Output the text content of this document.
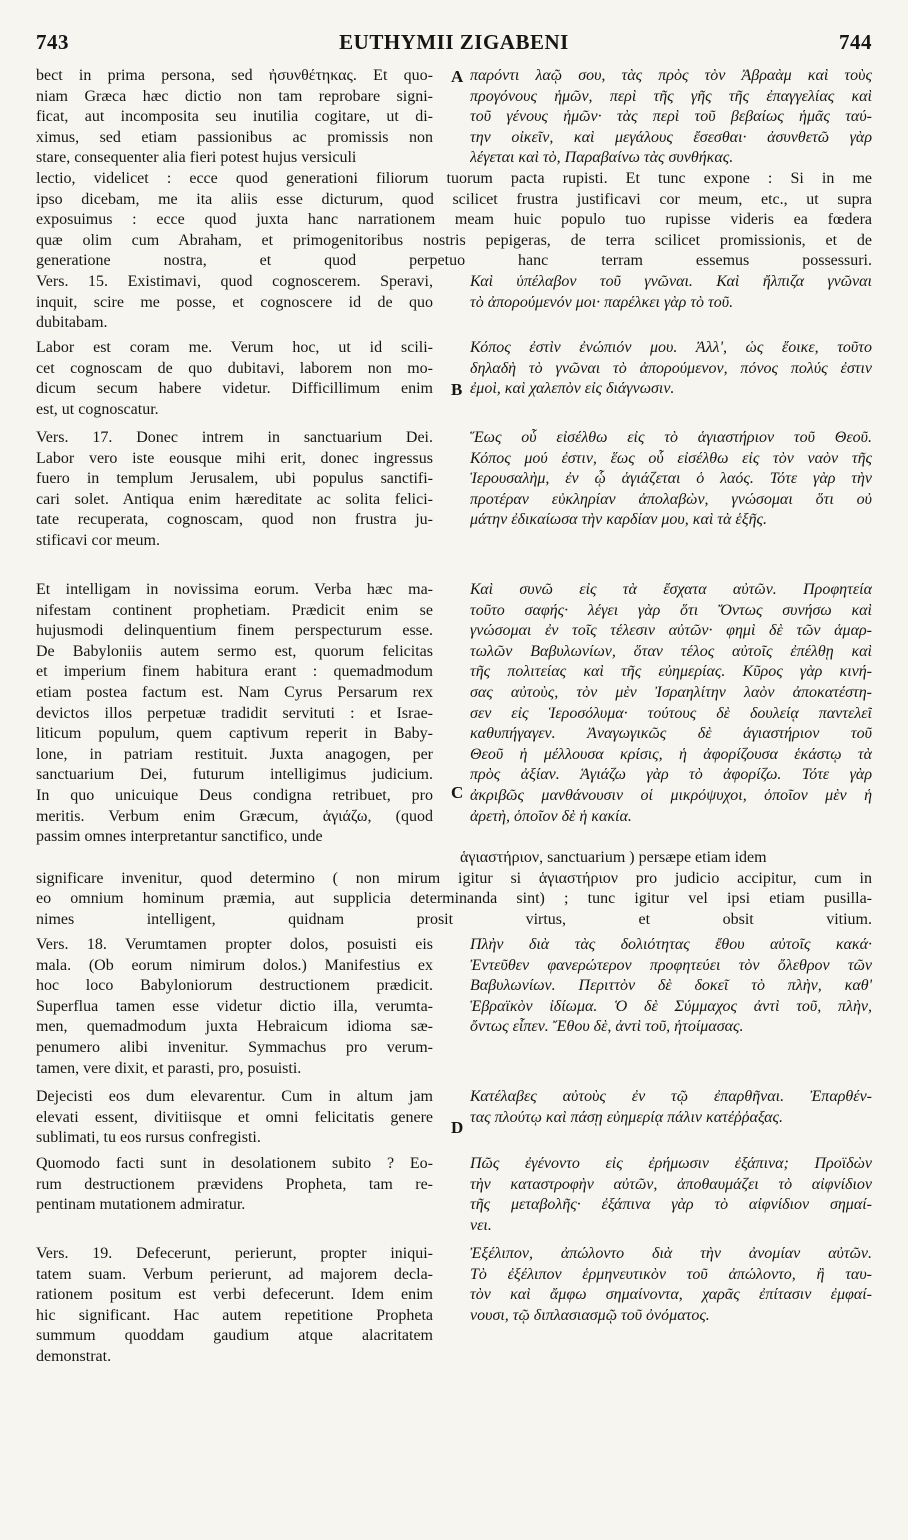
743	EUTHYMII ZIGABENI	744
A
B
C
D
bect in prima persona, sed ἠσυνθέτηκας. Et quo-
niam Græca hæc dictio non tam reprobare signi-
ficat, aut incomposita seu inutilia cogitare, ut di-
ximus, sed etiam passionibus ac promissis non
stare, consequenter alia fieri potest hujus versiculi
παρόντι λαῷ σου, τὰς πρὸς τὸν Ἀβραὰμ καὶ τοὺς
προγόνους ἡμῶν, περὶ τῆς γῆς τῆς ἐπαγγελίας καὶ
τοῦ γένους ἡμῶν· τὰς περὶ τοῦ βεβαίως ἡμᾶς ταύ-
την οἰκεῖν, καὶ μεγάλους ἔσεσθαι· ἀσυνθετῶ γὰρ
λέγεται καὶ τὸ, Παραβαίνω τὰς συνθήκας.
lectio, videlicet : ecce quod generationi filiorum tuorum pacta rupisti. Et tunc expone : Si in me
ipso dicebam, me ita aliis esse dicturum, quod scilicet frustra justificavi cor meum, etc., ut supra
exposuimus : ecce quod juxta hanc narrationem meam huic populo tuo rupisse videris ea fœdera
quæ olim cum Abraham, et primogenitoribus nostris pepigeras, de terra scilicet promissionis, et de
generatione nostra, et quod perpetuo hanc terram essemus possessuri.
Vers. 15. Existimavi, quod cognoscerem. Speravi,
inquit, scire me posse, et cognoscere id de quo
dubitabam.
Καὶ ὑπέλαβον τοῦ γνῶναι. Καὶ ἤλπιζα γνῶναι
τὸ ἀπορούμενόν μοι· παρέλκει γὰρ τὸ τοῦ.
Labor est coram me. Verum hoc, ut id scili-
cet cognoscam de quo dubitavi, laborem non mo-
dicum secum habere videtur. Difficillimum enim
est, ut cognoscatur.
Κόπος ἐστὶν ἐνώπιόν μου. Ἀλλ', ὡς ἔοικε, τοῦτο
δηλαδὴ τὸ γνῶναι τὸ ἀπορούμενον, πόνος πολύς ἐστιν
ἐμοὶ, καὶ χαλεπὸν εἰς διάγνωσιν.
Vers. 17. Donec intrem in sanctuarium Dei.
Labor vero iste eousque mihi erit, donec ingressus
fuero in templum Jerusalem, ubi populus sanctifi-
cari solet. Antiqua enim hæreditate ac solita felici-
tate recuperata, cognoscam, quod non frustra ju-
stificavi cor meum.
Ἕως οὗ εἰσέλθω εἰς τὸ ἁγιαστήριον τοῦ Θεοῦ.
Κόπος μού ἐστιν, ἕως οὗ εἰσέλθω εἰς τὸν ναὸν τῆς
Ἱερουσαλὴμ, ἐν ᾧ ἁγιάζεται ὁ λαός. Τότε γὰρ τὴν
προτέραν εὐκληρίαν ἀπολαβὼν, γνώσομαι ὅτι οὐ
μάτην ἐδικαίωσα τὴν καρδίαν μου, καὶ τὰ ἑξῆς.
Et intelligam in novissima eorum. Verba hæc ma-
nifestam continent prophetiam. Prædicit enim se
hujusmodi delinquentium finem perspecturum esse.
De Babyloniis autem sermo est, quorum felicitas
et imperium finem habitura erant : quemadmodum
etiam postea factum est. Nam Cyrus Persarum rex
devictos illos perpetuæ tradidit servituti : et Israe-
liticum populum, quem captivum reperit in Baby-
lone, in patriam restituit. Juxta anagogen, per
sanctuarium Dei, futurum intelligimus judicium.
In quo unicuique Deus condigna retribuet, pro
meritis. Verbum enim Græcum, ἁγιάζω, (quod
passim omnes interpretantur sanctifico, unde
Καὶ συνῶ εἰς τὰ ἔσχατα αὐτῶν. Προφητεία
τοῦτο σαφής· λέγει γὰρ ὅτι Ὄντως συνήσω καὶ
γνώσομαι ἐν τοῖς τέλεσιν αὐτῶν· φημὶ δὲ τῶν ἁμαρ-
τωλῶν Βαβυλωνίων, ὅταν τέλος αὐτοῖς ἐπέλθῃ καὶ
τῆς πολιτείας καὶ τῆς εὐημερίας. Κῦρος γὰρ κινή-
σας αὐτοὺς, τὸν μὲν Ἰσραηλίτην λαὸν ἀποκατέστη-
σεν εἰς Ἱεροσόλυμα· τούτους δὲ δουλείᾳ παντελεῖ
καθυπήγαγεν. Ἀναγωγικῶς δὲ ἁγιαστήριον τοῦ
Θεοῦ ἡ μέλλουσα κρίσις, ἡ ἀφορίζουσα ἑκάστῳ τὰ
πρὸς ἀξίαν. Ἁγιάζω γὰρ τὸ ἀφορίζω. Τότε γὰρ
ἀκριβῶς μανθάνουσιν οἱ μικρόψυχοι, ὁποῖον μὲν ἡ
ἀρετὴ, ὁποῖον δὲ ἡ κακία.
ἁγιαστήριον, sanctuarium ) persæpe etiam idem
significare invenitur, quod determino ( non mirum igitur si ἁγιαστήριον pro judicio accipitur, cum in
eo omnium hominum præmia, aut supplicia determinanda sint) ; tunc igitur vel ipsi etiam pusilla-
nimes intelligent, quidnam prosit virtus, et obsit vitium.
Vers. 18. Verumtamen propter dolos, posuisti eis
mala. (Ob eorum nimirum dolos.) Manifestius ex
hoc loco Babyloniorum destructionem prædicit.
Superflua tamen esse videtur dictio illa, verumta-
men, quemadmodum juxta Hebraicum idioma sæ-
penumero alibi invenitur. Symmachus pro verum-
tamen, vere dixit, et parasti, pro, posuisti.
Πλὴν διὰ τὰς δολιότητας ἔθου αὐτοῖς κακά·
Ἐντεῦθεν φανερώτερον προφητεύει τὸν ὄλεθρον τῶν
Βαβυλωνίων. Περιττὸν δὲ δοκεῖ τὸ πλὴν, καθ'
Ἑβραϊκὸν ἰδίωμα. Ὁ δὲ Σύμμαχος ἀντὶ τοῦ, πλὴν,
ὄντως εἶπεν. Ἔθου δὲ, ἀντὶ τοῦ, ἡτοίμασας.
Dejecisti eos dum elevarentur. Cum in altum jam
elevati essent, divitiisque et omni felicitatis genere
sublimati, tu eos rursus confregisti.
Κατέλαβες αὐτοὺς ἐν τῷ ἐπαρθῆναι. Ἐπαρθέν-
τας πλούτῳ καὶ πάσῃ εὐημερίᾳ πάλιν κατέῤῥαξας.
Quomodo facti sunt in desolationem subito ? Eo-
rum destructionem prævidens Propheta, tam re-
pentinam mutationem admiratur.
Πῶς ἐγένοντο εἰς ἐρήμωσιν ἐξάπινα; Προϊδὼν
τὴν καταστροφὴν αὐτῶν, ἀποθαυμάζει τὸ αἰφνίδιον
τῆς μεταβολῆς· ἐξάπινα γὰρ τὸ αἰφνίδιον σημαί-
νει.
Vers. 19. Defecerunt, perierunt, propter iniqui-
tatem suam. Verbum perierunt, ad majorem decla-
rationem positum est verbi defecerunt. Idem enim
hic significant. Hac autem repetitione Propheta
summum quoddam gaudium atque alacritatem
demonstrat.
Ἐξέλιπον, ἀπώλοντο διὰ τὴν ἀνομίαν αὐτῶν.
Τὸ ἐξέλιπον ἑρμηνευτικὸν τοῦ ἀπώλοντο, ἢ ταυ-
τὸν καὶ ἄμφω σημαίνοντα, χαρᾶς ἐπίτασιν ἐμφαί-
νουσι, τῷ διπλασιασμῷ τοῦ ὀνόματος.
